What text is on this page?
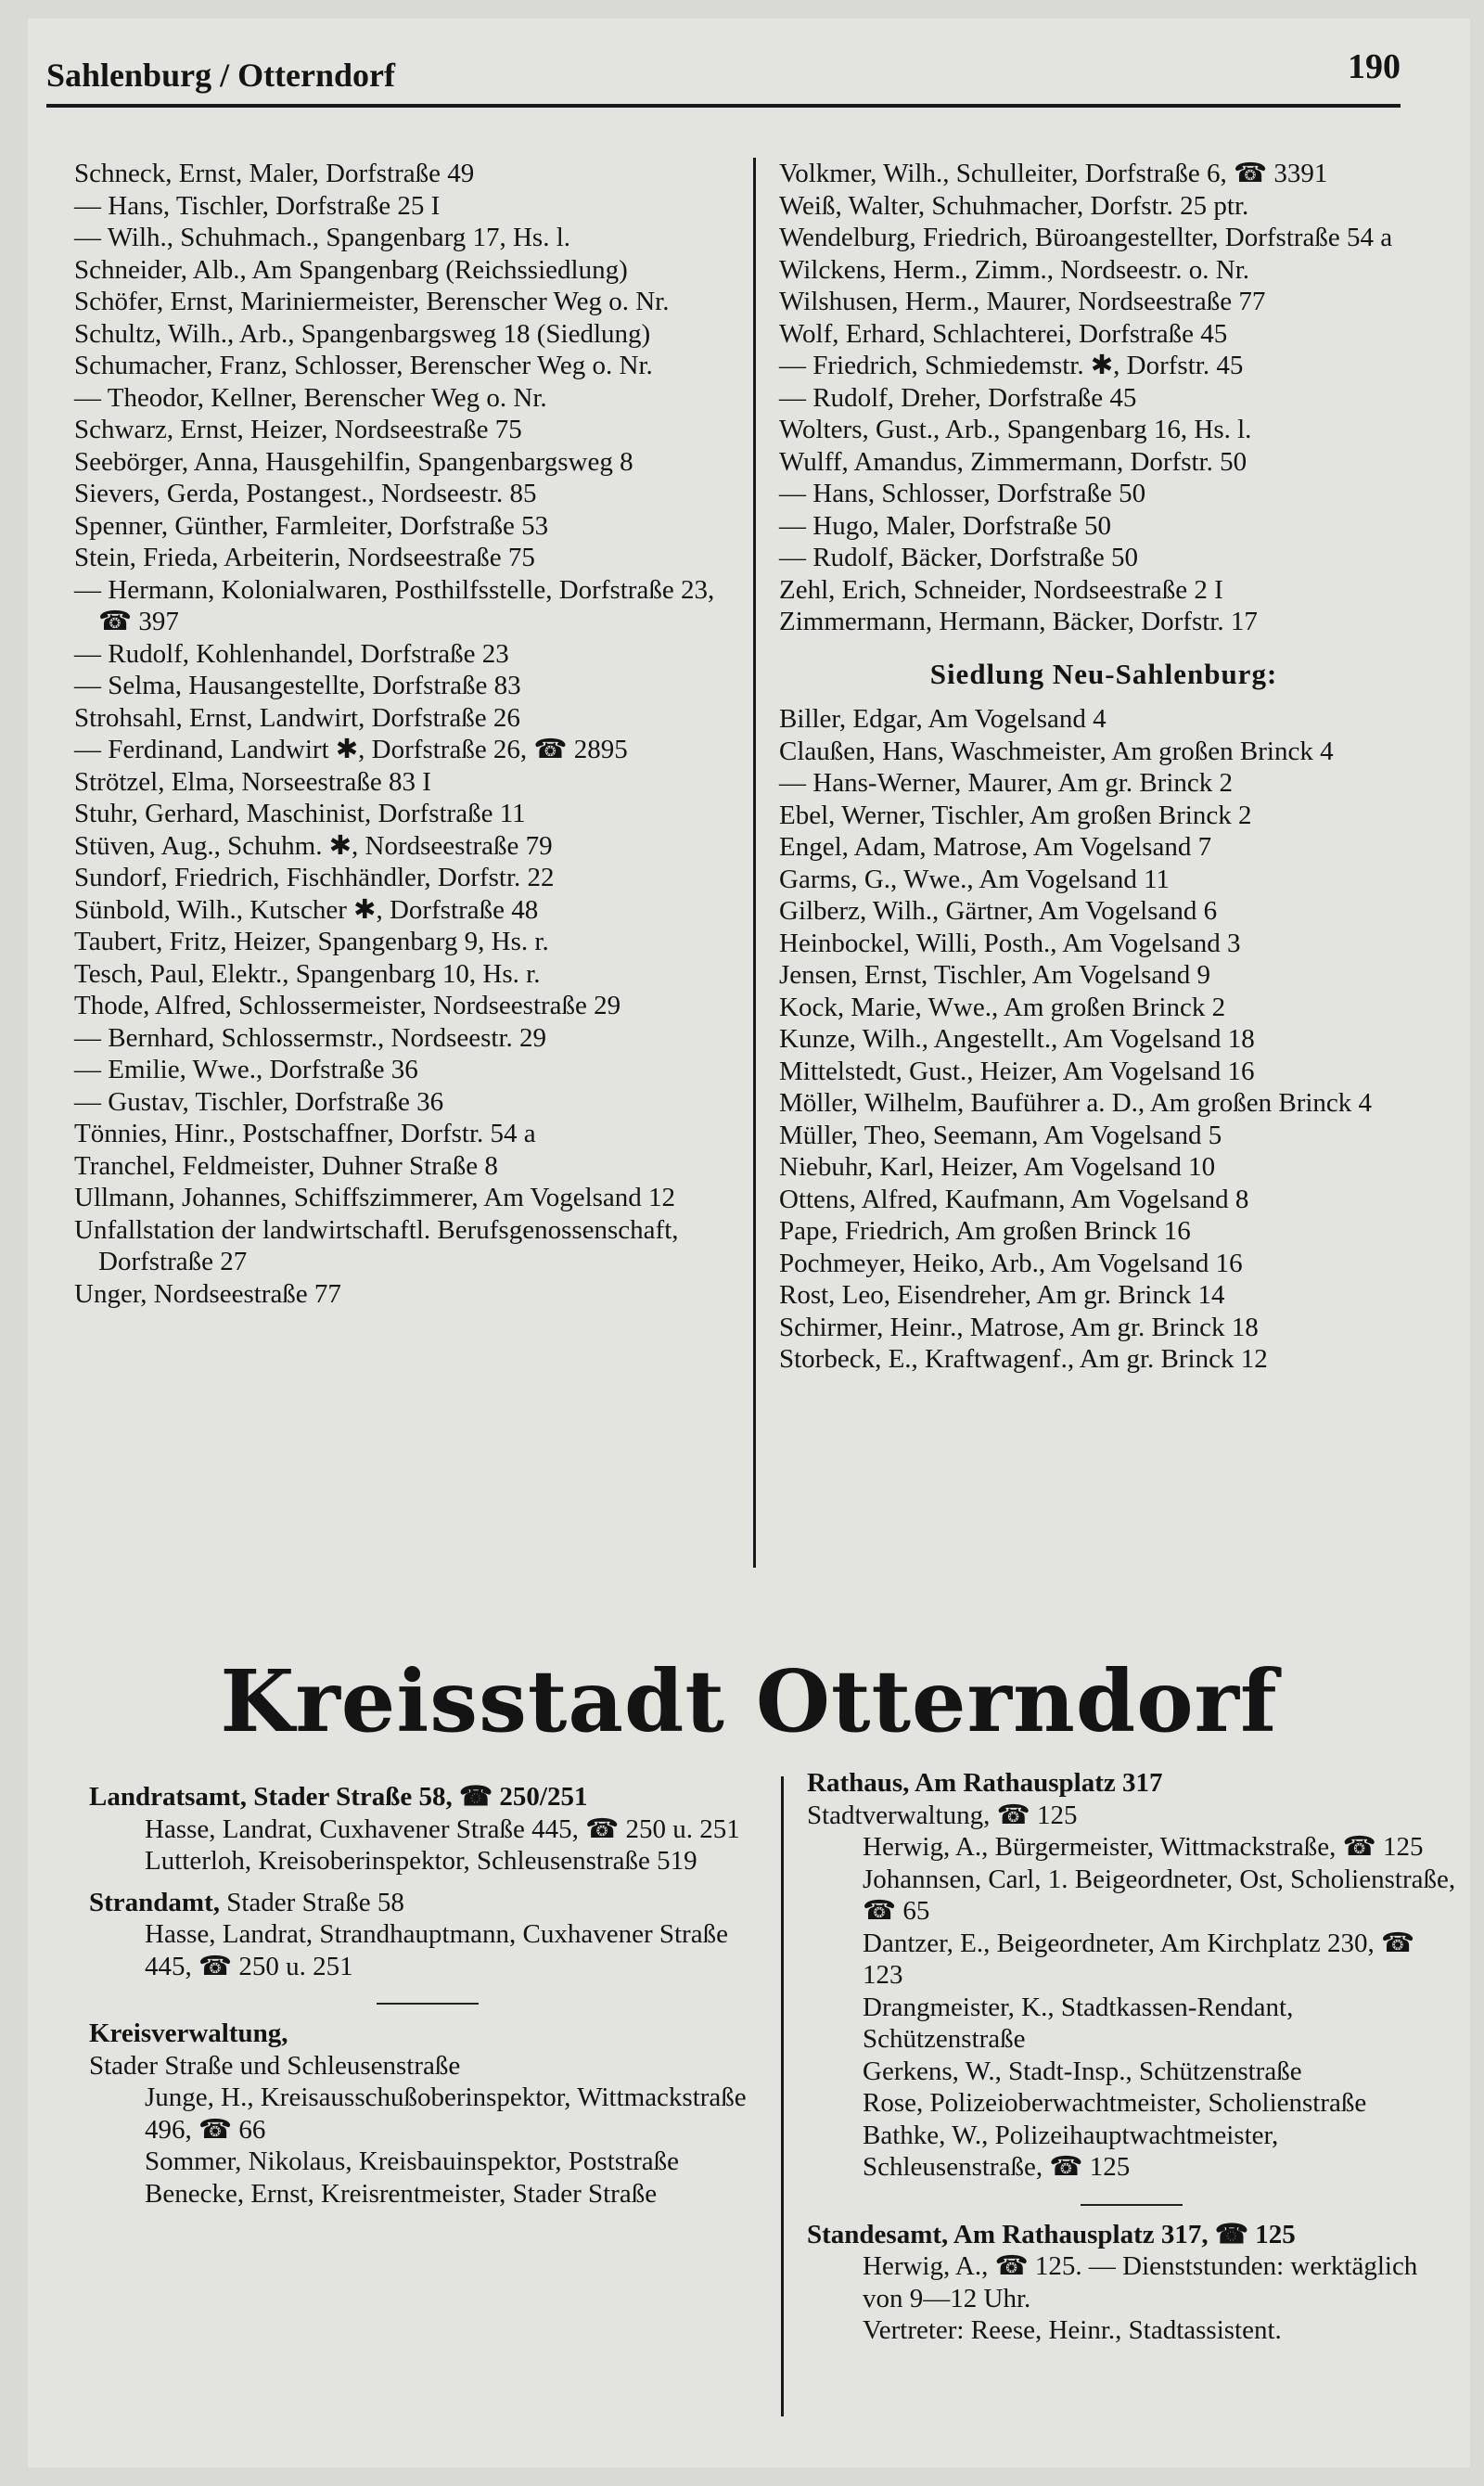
Sahlenburg / Otterndorf	190

Schneck, Ernst, Maler, Dorfstraße 49

— Hans, Tischler, Dorfstraße 25 I

— Wilh., Schuhmach., Spangenbarg 17, Hs. l.

Schneider, Alb., Am Spangenbarg (Reichssiedlung)

Schöfer, Ernst, Mariniermeister, Berenscher Weg o. Nr.

Schultz, Wilh., Arb., Spangenbargsweg 18 (Siedlung)

Schumacher, Franz, Schlosser, Berenscher Weg o. Nr.

— Theodor, Kellner, Berenscher Weg o. Nr.

Schwarz, Ernst, Heizer, Nordseestraße 75

Seebörger, Anna, Hausgehilfin, Spangenbargsweg 8

Sievers, Gerda, Postangest., Nordseestr. 85

Spenner, Günther, Farmleiter, Dorfstraße 53

Stein, Frieda, Arbeiterin, Nordseestraße 75

— Hermann, Kolonialwaren, Posthilfsstelle, Dorfstraße 23, ☎ 397

— Rudolf, Kohlenhandel, Dorfstraße 23

— Selma, Hausangestellte, Dorfstraße 83

Strohsahl, Ernst, Landwirt, Dorfstraße 26

— Ferdinand, Landwirt ✱, Dorfstraße 26, ☎ 2895

Strötzel, Elma, Norseestraße 83 I

Stuhr, Gerhard, Maschinist, Dorfstraße 11

Stüven, Aug., Schuhm. ✱, Nordseestraße 79

Sundorf, Friedrich, Fischhändler, Dorfstr. 22

Sünbold, Wilh., Kutscher ✱, Dorfstraße 48

Taubert, Fritz, Heizer, Spangenbarg 9, Hs. r.

Tesch, Paul, Elektr., Spangenbarg 10, Hs. r.

Thode, Alfred, Schlossermeister, Nordseestraße 29

— Bernhard, Schlossermstr., Nordseestr. 29

— Emilie, Wwe., Dorfstraße 36

— Gustav, Tischler, Dorfstraße 36

Tönnies, Hinr., Postschaffner, Dorfstr. 54 a

Tranchel, Feldmeister, Duhner Straße 8

Ullmann, Johannes, Schiffszimmerer, Am Vogelsand 12

Unfallstation der landwirtschaftl. Berufsgenossenschaft, Dorfstraße 27

Unger, Nordseestraße 77

Volkmer, Wilh., Schulleiter, Dorfstraße 6, ☎ 3391

Weiß, Walter, Schuhmacher, Dorfstr. 25 ptr.

Wendelburg, Friedrich, Büroangestellter, Dorfstraße 54 a

Wilckens, Herm., Zimm., Nordseestr. o. Nr.

Wilshusen, Herm., Maurer, Nordseestraße 77

Wolf, Erhard, Schlachterei, Dorfstraße 45

— Friedrich, Schmiedemstr. ✱, Dorfstr. 45

— Rudolf, Dreher, Dorfstraße 45

Wolters, Gust., Arb., Spangenbarg 16, Hs. l.

Wulff, Amandus, Zimmermann, Dorfstr. 50

— Hans, Schlosser, Dorfstraße 50

— Hugo, Maler, Dorfstraße 50

— Rudolf, Bäcker, Dorfstraße 50

Zehl, Erich, Schneider, Nordseestraße 2 I

Zimmermann, Hermann, Bäcker, Dorfstr. 17

Siedlung Neu-Sahlenburg:

Biller, Edgar, Am Vogelsand 4

Claußen, Hans, Waschmeister, Am großen Brinck 4

— Hans-Werner, Maurer, Am gr. Brinck 2

Ebel, Werner, Tischler, Am großen Brinck 2

Engel, Adam, Matrose, Am Vogelsand 7

Garms, G., Wwe., Am Vogelsand 11

Gilberz, Wilh., Gärtner, Am Vogelsand 6

Heinbockel, Willi, Posth., Am Vogelsand 3

Jensen, Ernst, Tischler, Am Vogelsand 9

Kock, Marie, Wwe., Am großen Brinck 2

Kunze, Wilh., Angestellt., Am Vogelsand 18

Mittelstedt, Gust., Heizer, Am Vogelsand 16

Möller, Wilhelm, Bauführer a. D., Am großen Brinck 4

Müller, Theo, Seemann, Am Vogelsand 5

Niebuhr, Karl, Heizer, Am Vogelsand 10

Ottens, Alfred, Kaufmann, Am Vogelsand 8

Pape, Friedrich, Am großen Brinck 16

Pochmeyer, Heiko, Arb., Am Vogelsand 16

Rost, Leo, Eisendreher, Am gr. Brinck 14

Schirmer, Heinr., Matrose, Am gr. Brinck 18

Storbeck, E., Kraftwagenf., Am gr. Brinck 12

Kreisstadt Otterndorf

Landratsamt, Stader Straße 58, ☎ 250/251

Hasse, Landrat, Cuxhavener Straße 445, ☎ 250 u. 251

Lutterloh, Kreisoberinspektor, Schleusenstraße 519

Strandamt, Stader Straße 58

Hasse, Landrat, Strandhauptmann, Cuxhavener Straße 445, ☎ 250 u. 251

Kreisverwaltung,

Stader Straße und Schleusenstraße

Junge, H., Kreisausschußoberinspektor, Wittmackstraße 496, ☎ 66

Sommer, Nikolaus, Kreisbauinspektor, Poststraße

Benecke, Ernst, Kreisrentmeister, Stader Straße

Rathaus, Am Rathausplatz 317

Stadtverwaltung, ☎ 125

Herwig, A., Bürgermeister, Wittmackstraße, ☎ 125

Johannsen, Carl, 1. Beigeordneter, Ost, Scholienstraße, ☎ 65

Dantzer, E., Beigeordneter, Am Kirchplatz 230, ☎ 123

Drangmeister, K., Stadtkassen-Rendant, Schützenstraße

Gerkens, W., Stadt-Insp., Schützenstraße

Rose, Polizeioberwachtmeister, Scholienstraße

Bathke, W., Polizeihauptwachtmeister, Schleusenstraße, ☎ 125

Standesamt, Am Rathausplatz 317, ☎ 125

Herwig, A., ☎ 125. — Dienststunden: werktäglich von 9—12 Uhr.

Vertreter: Reese, Heinr., Stadtassistent.
